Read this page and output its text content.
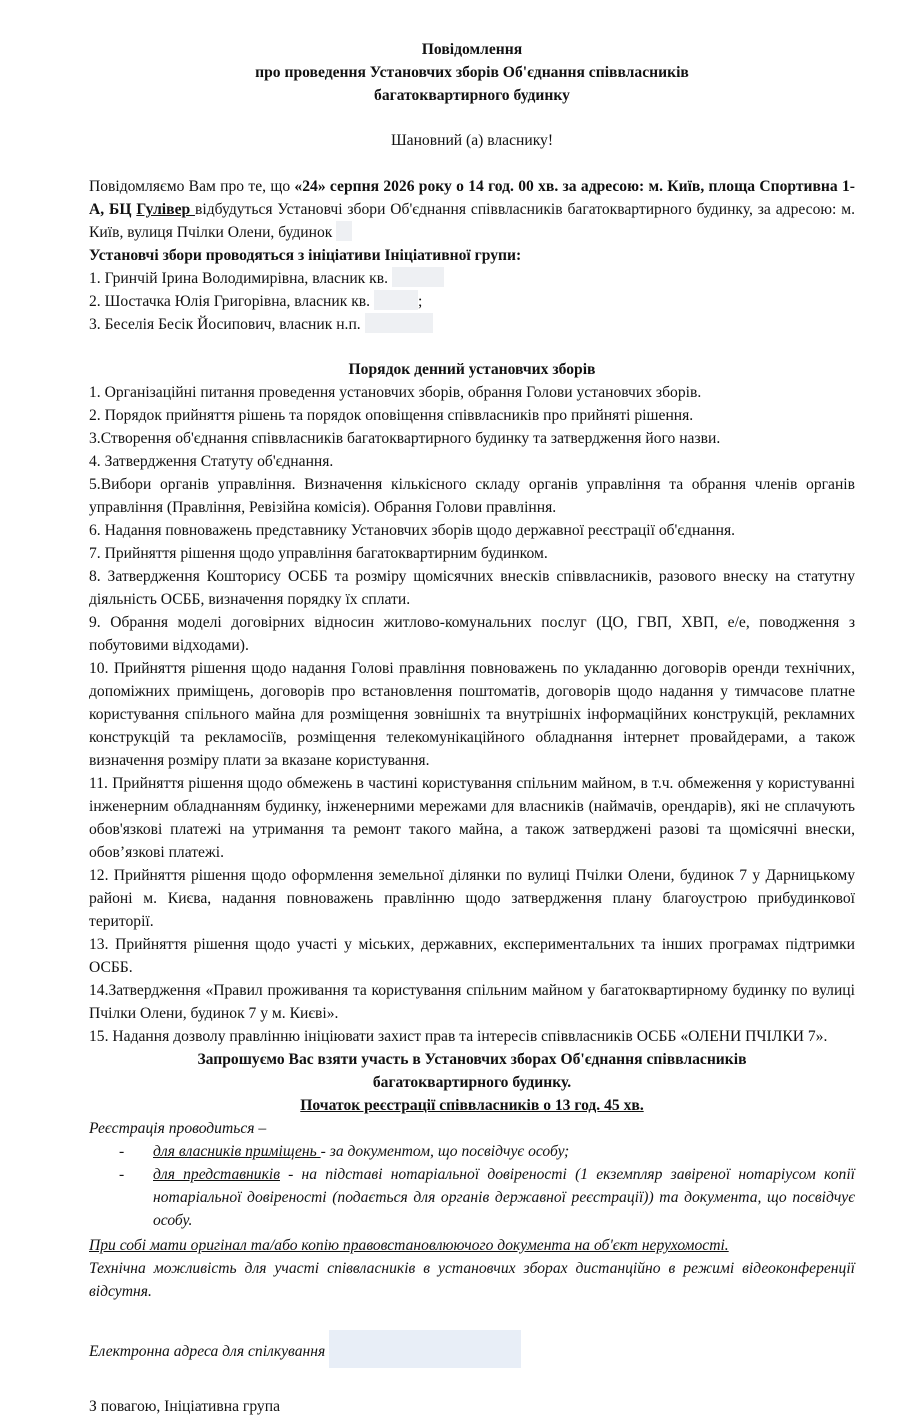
Повідомлення

про проведення Установчих зборів Об'єднання співвласників

багатоквартирного будинку

Шановний (а) власнику!

Повідомляємо Вам про те, що «24» серпня 2026 року о 14 год. 00 хв. за адресою: м. Київ, площа Спортивна 1-А, БЦ Гулівер відбудуться Установчі збори Об'єднання співвласників багатоквартирного будинку, за адресою: м. Київ, вулиця Пчілки Олени, будинок

Установчі збори проводяться з ініціативи Ініціативної групи:

1. Гринчій Ірина Володимирівна, власник кв.

2. Шостачка Юлія Григорівна, власник кв.	;

3. Беселія Бесік Йосипович, власник н.п.

Порядок денний установчих зборів

1. Організаційні питання проведення установчих зборів, обрання Голови установчих зборів.

2. Порядок прийняття рішень та порядок оповіщення співвласників про прийняті рішення.

3.Створення об'єднання співвласників багатоквартирного будинку та затвердження його назви.

4. Затвердження Статуту об'єднання.

5.Вибори органів управління. Визначення кількісного складу органів управління та обрання членів органів управління (Правління, Ревізійна комісія). Обрання Голови правління.

6. Надання повноважень представнику Установчих зборів щодо державної реєстрації об'єднання.

7. Прийняття рішення щодо управління багатоквартирним будинком.

8. Затвердження Кошторису ОСББ та розміру щомісячних внесків співвласників, разового внеску на статутну діяльність ОСББ, визначення порядку їх сплати.

9. Обрання моделі договірних відносин житлово-комунальних послуг (ЦО, ГВП, ХВП, е/е, поводження з побутовими відходами).

10. Прийняття рішення щодо надання Голові правління повноважень по укладанню договорів оренди технічних, допоміжних приміщень, договорів про встановлення поштоматів, договорів щодо надання у тимчасове платне користування спільного майна для розміщення зовнішніх та внутрішніх інформаційних конструкцій, рекламних конструкцій та рекламосіїв, розміщення телекомунікаційного обладнання інтернет провайдерами, а також визначення розміру плати за вказане користування.

11. Прийняття рішення щодо обмежень в частині користування спільним майном, в т.ч. обмеження у користуванні інженерним обладнанням будинку, інженерними мережами для власників (наймачів, орендарів), які не сплачують обов'язкові платежі на утримання та ремонт такого майна, а також затверджені разові та щомісячні внески, обов’язкові платежі.

12. Прийняття рішення щодо оформлення земельної ділянки по вулиці Пчілки Олени, будинок 7 у Дарницькому районі м. Києва, надання повноважень правлінню щодо затвердження плану благоустрою прибудинкової території.

13. Прийняття рішення щодо участі у міських, державних, експериментальних та інших програмах підтримки ОСББ.

14.Затвердження «Правил проживання та користування спільним майном у багатоквартирному будинку по вулиці Пчілки Олени, будинок 7 у м. Києві».

15. Надання дозволу правлінню ініціювати захист прав та інтересів співвласників ОСББ «ОЛЕНИ ПЧІЛКИ 7».

Запрошуємо Вас взяти участь в Установчих зборах Об'єднання співвласників

багатоквартирного будинку.

Початок реєстрації співвласників о 13 год. 45 хв.

Реєстрація проводиться –

- для власників приміщень - за документом, що посвідчує особу;
- для представників - на підставі нотаріальної довіреності (1 екземпляр завіреної нотаріусом копії нотаріальної довіреності (подається для органів державної реєстрації)) та документа, що посвідчує особу.

При собі мати оригінал та/або копію правовстановлюючого документа на об'єкт нерухомості.

Технічна можливість для участі співвласників в установчих зборах дистанційно в режимі відеоконференції відсутня.

Електронна адреса для спілкування

З повагою, Ініціативна група
